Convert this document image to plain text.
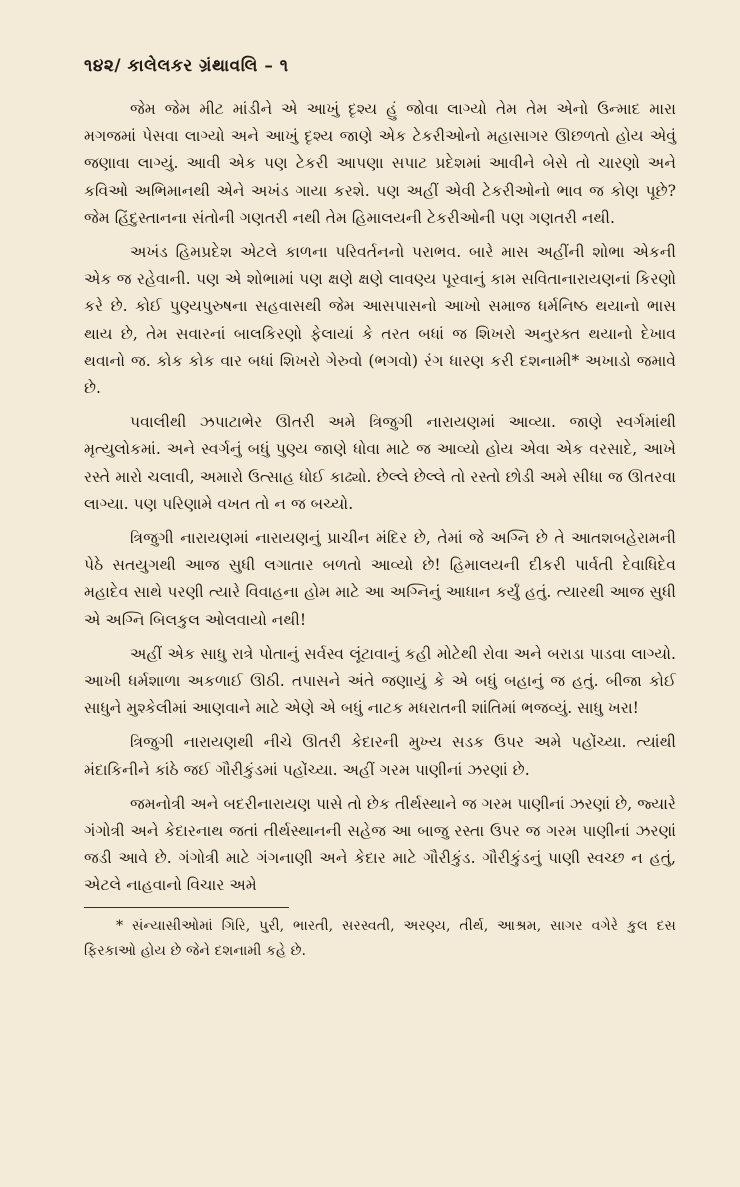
૧૪૨/ કાલેલકર ગ્રંથાવલિ – ૧

જેમ જેમ મીટ માંડીને એ આખું દૃશ્ય હું જોવા લાગ્યો તેમ તેમ એનો ઉન્માદ મારા મગજમાં પેસવા લાગ્યો અને આખું દૃશ્ય જાણે એક ટેકરીઓનો મહાસાગર ઊછળતો હોય એવું જણાવા લાગ્યું. આવી એક પણ ટેકરી આપણા સપાટ પ્રદેશમાં આવીને બેસે તો ચારણો અને કવિઓ અભિમાનથી એને અખંડ ગાયા કરશે. પણ અહીં એવી ટેકરીઓનો ભાવ જ કોણ પૂછે? જેમ હિંદુસ્તાનના સંતોની ગણતરી નથી તેમ હિમાલયની ટેકરીઓની પણ ગણતરી નથી.

અખંડ હિમપ્રદેશ એટલે કાળના પરિવર્તનનો પરાભવ. બારે માસ અહીંની શોભા એકની એક જ રહેવાની. પણ એ શોભામાં પણ ક્ષણે ક્ષણે લાવણ્ય પૂરવાનું કામ સવિતાનારાયણનાં કિરણો કરે છે. કોઈ પુણ્યપુરુષના સહવાસથી જેમ આસપાસનો આખો સમાજ ધર્મનિષ્ઠ થયાનો ભાસ થાય છે, તેમ સવારનાં બાલકિરણો ફેલાયાં કે તરત બધાં જ શિખરો અનુરક્ત થયાનો દેખાવ થવાનો જ. કોક કોક વાર બધાં શિખરો ગેરુવો (ભગવો) રંગ ધારણ કરી દશનામી* અખાડો જમાવે છે.

પવાલીથી ઝપાટાભેર ઊતરી અમે ત્રિજુગી નારાયણમાં આવ્યા. જાણે સ્વર્ગમાંથી મૃત્યુલોકમાં. અને સ્વર્ગનું બધું પુણ્ય જાણે ધોવા માટે જ આવ્યો હોય એવા એક વરસાદે, આખે રસ્તે મારો ચલાવી, અમારો ઉત્સાહ ધોઈ કાઢ્યો. છેલ્લે છેલ્લે તો રસ્તો છોડી અમે સીધા જ ઊતરવા લાગ્યા. પણ પરિણામે વખત તો ન જ બચ્યો.

ત્રિજુગી નારાયણમાં નારાયણનું પ્રાચીન મંદિર છે, તેમાં જે અગ્નિ છે તે આતશબહેરામની પેઠે સતયુગથી આજ સુધી લગાતાર બળતો આવ્યો છે! હિમાલયની દીકરી પાર્વતી દેવાધિદેવ મહાદેવ સાથે પરણી ત્યારે વિવાહના હોમ માટે આ અગ્નિનું આધાન કર્યું હતું. ત્યારથી આજ સુધી એ અગ્નિ બિલકુલ ઓલવાયો નથી!

અહીં એક સાધુ રાત્રે પોતાનું સર્વસ્વ લૂંટાવાનું કહી મોટેથી રોવા અને બરાડા પાડવા લાગ્યો. આખી ધર્મશાળા અકળાઈ ઊઠી. તપાસને અંતે જણાયું કે એ બધું બહાનું જ હતું. બીજા કોઈ સાધુને મુશ્કેલીમાં આણવાને માટે એણે એ બધું નાટક મધરાતની શાંતિમાં ભજવ્યું. સાધુ ખરા!

ત્રિજુગી નારાયણથી નીચે ઊતરી કેદારની મુખ્ય સડક ઉપર અમે પહોંચ્યા. ત્યાંથી મંદાકિનીને કાંઠે જઈ ગૌરીકુંડમાં પહોંચ્યા. અહીં ગરમ પાણીનાં ઝરણાં છે.

જમનોત્રી અને બદરીનારાયણ પાસે તો છેક તીર્થસ્થાને જ ગરમ પાણીનાં ઝરણાં છે, જ્યારે ગંગોત્રી અને કેદારનાથ જતાં તીર્થસ્થાનની સહેજ આ બાજુ રસ્તા ઉપર જ ગરમ પાણીનાં ઝરણાં જડી આવે છે. ગંગોત્રી માટે ગંગનાણી અને કેદાર માટે ગૌરીકુંડ. ગૌરીકુંડનું પાણી સ્વચ્છ ન હતું, એટલે નાહવાનો વિચાર અમે

* સંન્યાસીઓમાં ગિરિ, પુરી, ભારતી, સરસ્વતી, અરણ્ય, તીર્થ, આશ્રમ, સાગર વગેરે કુલ દસ ફિરકાઓ હોય છે જેને દશનામી કહે છે.
